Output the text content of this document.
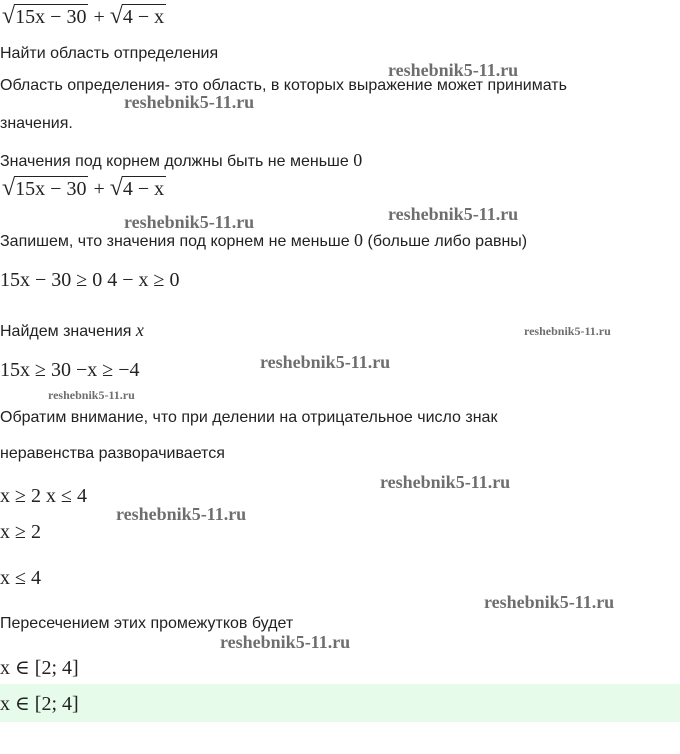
√ 15x − 30 + √ 4 − x
Найти область отпределения
Область определения- это область, в которых выражение может принимать
значения.
Значения под корнем должны быть не меньше 0
√ 15x − 30 + √ 4 − x
Запишем, что значения под корнем не меньше 0 (больше либо равны)
15x − 30 ≥ 0 4 − x ≥ 0
Найдем значения x
15x ≥ 30 −x ≥ −4
Обратим внимание, что при делении на отрицательное число знак
неравенства разворачивается
x ≥ 2 x ≤ 4
x ≥ 2
x ≤ 4
Пересечением этих промежутков будет
x ∈ [2; 4]
x ∈ [2; 4]
reshebnik5-11.ru
reshebnik5-11.ru
reshebnik5-11.ru	reshebnik5-11.ru
reshebnik5-11.ru
reshebnik5-11.ru
reshebnik5-11.ru
reshebnik5-11.ru
reshebnik5-11.ru
reshebnik5-11.ru
reshebnik5-11.ru
